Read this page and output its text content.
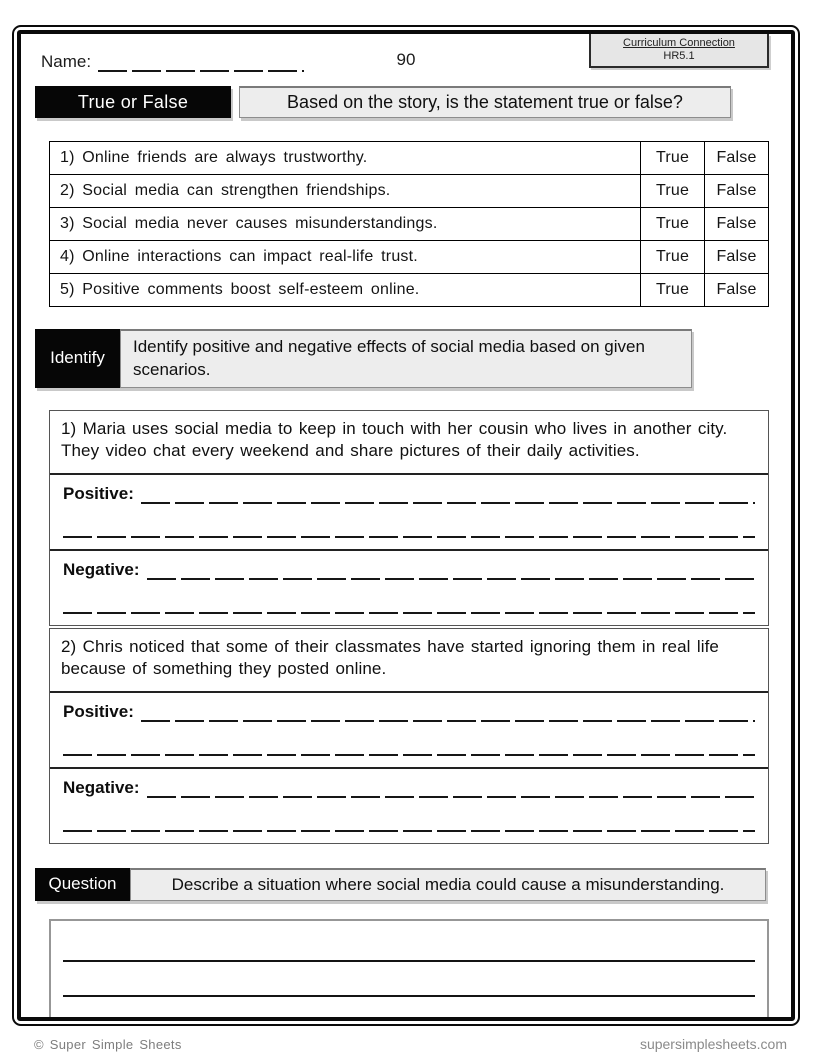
Name:	90
Curriculum Connection
HR5.1
True or False	Based on the story, is the statement true or false?
1) Online friends are always trustworthy.	True	False
2) Social media can strengthen friendships.	True	False
3) Social media never causes misunderstandings.	True	False
4) Online interactions can impact real-life trust.	True	False
5) Positive comments boost self-esteem online.	True	False
Identify
Identify positive and negative effects of social media based on given scenarios.
1) Maria uses social media to keep in touch with her cousin who lives in another city. They video chat every weekend and share pictures of their daily activities.
Positive:
Negative:
2) Chris noticed that some of their classmates have started ignoring them in real life because of something they posted online.
Positive:
Negative:
Question	Describe a situation where social media could cause a misunderstanding.
© Super Simple Sheets	supersimplesheets.com
